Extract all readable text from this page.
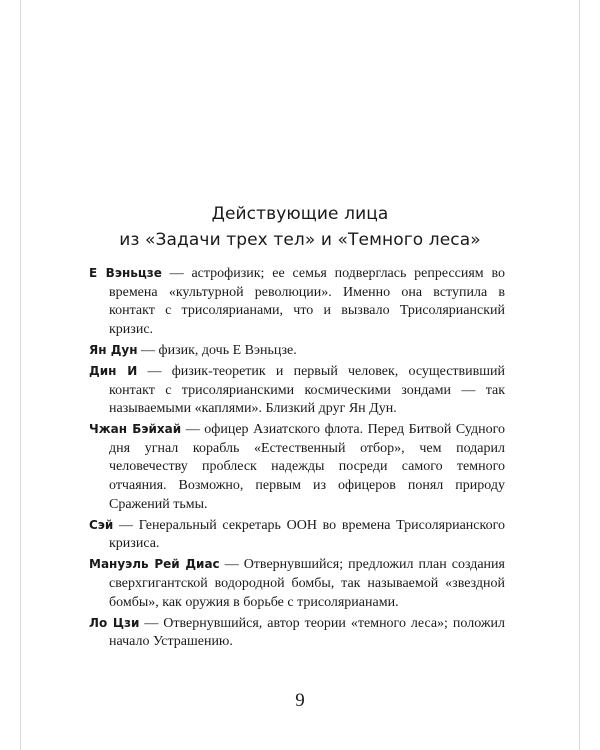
Действующие лица
из «Задачи трех тел» и «Темного леса»

Е Вэньцзе — астрофизик; ее семья подверглась репрессиям во времена «культурной революции». Именно она вступила в контакт с трисолярианами, что и вызвало Трисолярианский кризис.

Ян Дун — физик, дочь Е Вэньцзе.

Дин И — физик-теоретик и первый человек, осуществивший контакт с трисолярианскими космическими зондами — так называемыми «каплями». Близкий друг Ян Дун.

Чжан Бэйхай — офицер Азиатского флота. Перед Битвой Судного дня угнал корабль «Естественный отбор», чем подарил человечеству проблеск надежды посреди самого темного отчаяния. Возможно, первым из офицеров понял природу Сражений тьмы.

Сэй — Генеральный секретарь ООН во времена Трисолярианского кризиса.

Мануэль Рей Диас — Отвернувшийся; предложил план создания сверхгигантской водородной бомбы, так называемой «звездной бомбы», как оружия в борьбе с трисолярианами.

Ло Цзи — Отвернувшийся, автор теории «темного леса»; положил начало Устрашению.

9
